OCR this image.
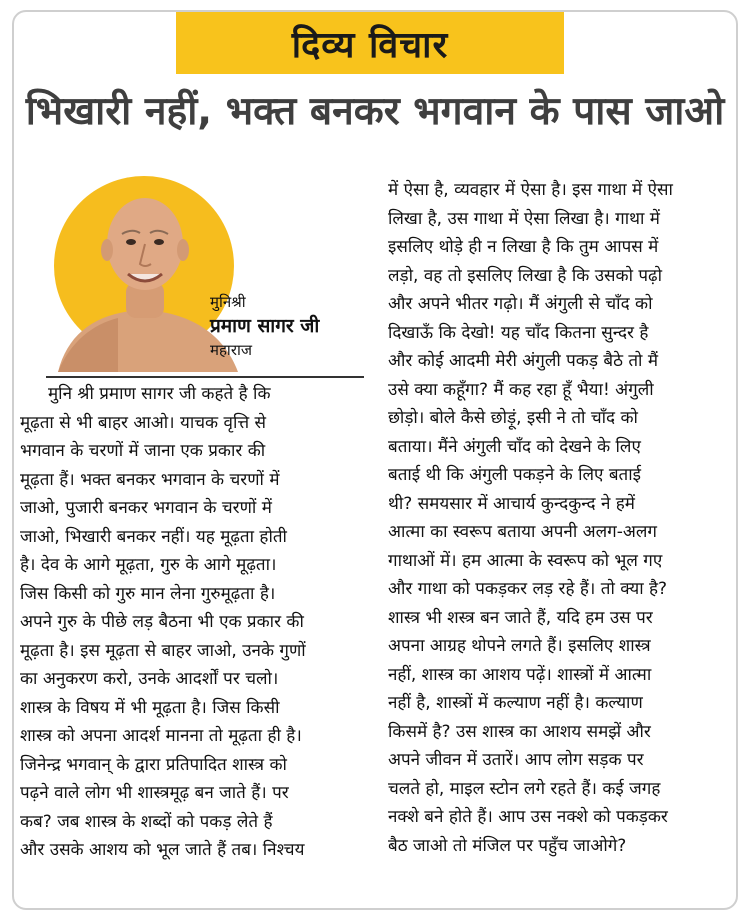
दिव्य विचार
भिखारी नहीं, भक्त बनकर भगवान के पास जाओ
मुनिश्री
प्रमाण सागर जी
महाराज
मुनि श्री प्रमाण सागर जी कहते है कि
मूढ़ता से भी बाहर आओ। याचक वृत्ति से
भगवान के चरणों में जाना एक प्रकार की
मूढ़ता हैं। भक्त बनकर भगवान के चरणों में
जाओ, पुजारी बनकर भगवान के चरणों में
जाओ, भिखारी बनकर नहीं। यह मूढ़ता होती
है। देव के आगे मूढ़ता, गुरु के आगे मूढ़ता।
जिस किसी को गुरु मान लेना गुरुमूढ़ता है।
अपने गुरु के पीछे लड़ बैठना भी एक प्रकार की
मूढ़ता है। इस मूढ़ता से बाहर जाओ, उनके गुणों
का अनुकरण करो, उनके आदर्शों पर चलो।
शास्त्र के विषय में भी मूढ़ता है। जिस किसी
शास्त्र को अपना आदर्श मानना तो मूढ़ता ही है।
जिनेन्द्र भगवान् के द्वारा प्रतिपादित शास्त्र को
पढ़ने वाले लोग भी शास्त्रमूढ़ बन जाते हैं। पर
कब? जब शास्त्र के शब्दों को पकड़ लेते हैं
और उसके आशय को भूल जाते हैं तब। निश्चय
में ऐसा है, व्यवहार में ऐसा है। इस गाथा में ऐसा
लिखा है, उस गाथा में ऐसा लिखा है। गाथा में
इसलिए थोड़े ही न लिखा है कि तुम आपस में
लड़ो, वह तो इसलिए लिखा है कि उसको पढ़ो
और अपने भीतर गढ़ो। मैं अंगुली से चाँद को
दिखाऊँ कि देखो! यह चाँद कितना सुन्दर है
और कोई आदमी मेरी अंगुली पकड़ बैठे तो मैं
उसे क्या कहूँगा? मैं कह रहा हूँ भैया! अंगुली
छोड़ो। बोले कैसे छोड़ूं, इसी ने तो चाँद को
बताया। मैंने अंगुली चाँद को देखने के लिए
बताई थी कि अंगुली पकड़ने के लिए बताई
थी? समयसार में आचार्य कुन्दकुन्द ने हमें
आत्मा का स्वरूप बताया अपनी अलग-अलग
गाथाओं में। हम आत्मा के स्वरूप को भूल गए
और गाथा को पकड़कर लड़ रहे हैं। तो क्या है?
शास्त्र भी शस्त्र बन जाते हैं, यदि हम उस पर
अपना आग्रह थोपने लगते हैं। इसलिए शास्त्र
नहीं, शास्त्र का आशय पढ़ें। शास्त्रों में आत्मा
नहीं है, शास्त्रों में कल्याण नहीं है। कल्याण
किसमें है? उस शास्त्र का आशय समझें और
अपने जीवन में उतारें। आप लोग सड़क पर
चलते हो, माइल स्टोन लगे रहते हैं। कई जगह
नक्शे बने होते हैं। आप उस नक्शे को पकड़कर
बैठ जाओ तो मंजिल पर पहुँच जाओगे?
